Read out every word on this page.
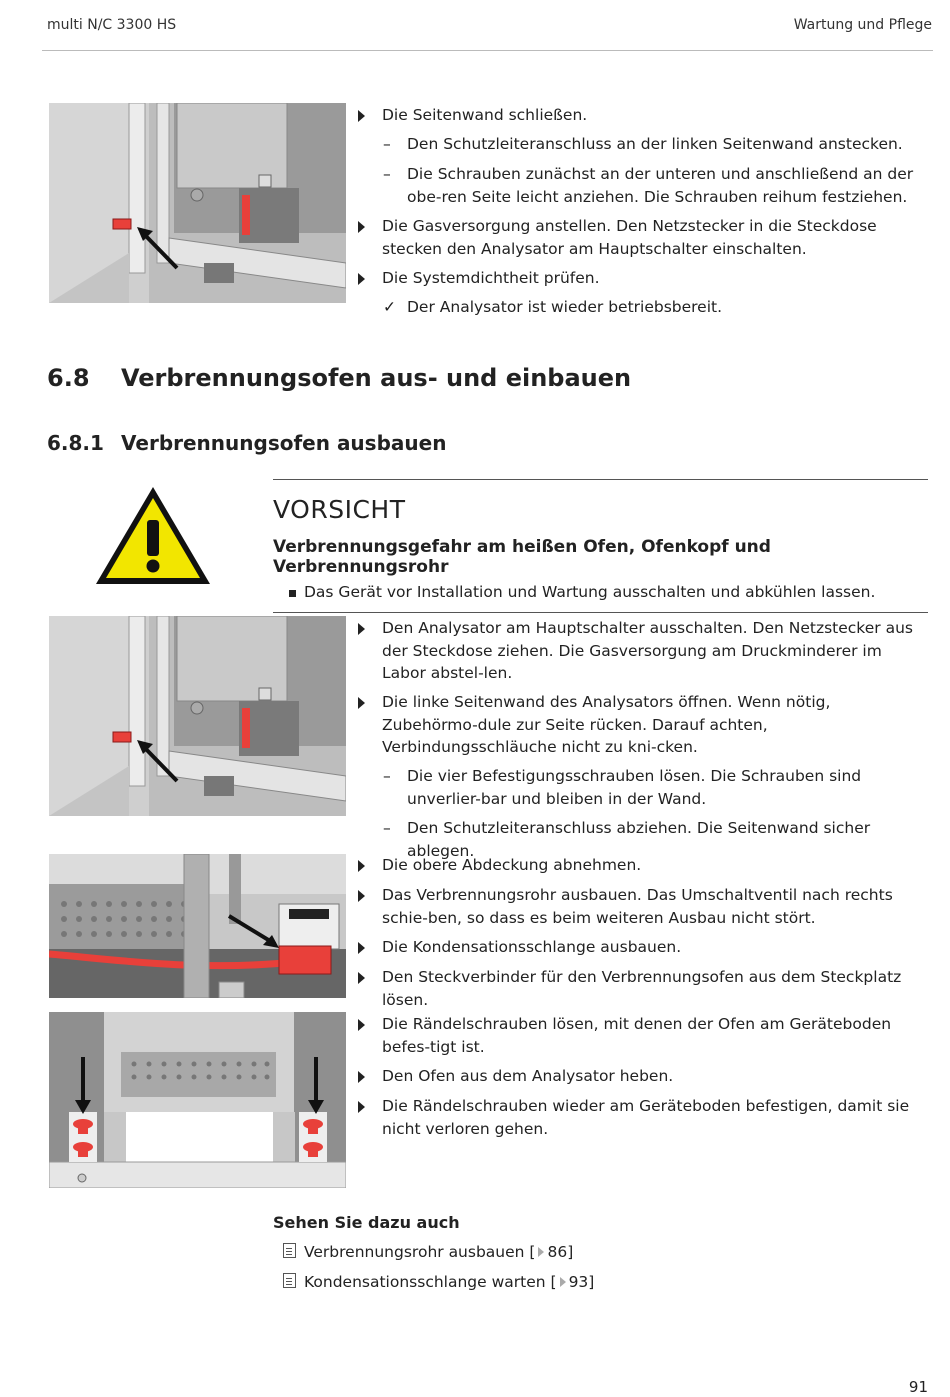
multi N/C 3300 HS	Wartung und Pflege
Die Seitenwand schließen.
– Den Schutzleiteranschluss an der linken Seitenwand anstecken.
– Die Schrauben zunächst an der unteren und anschließend an der obe-ren Seite leicht anziehen. Die Schrauben reihum festziehen.
Die Gasversorgung anstellen. Den Netzstecker in die Steckdose stecken den Analysator am Hauptschalter einschalten.
Die Systemdichtheit prüfen.
✓ Der Analysator ist wieder betriebsbereit.
6.8 Verbrennungsofen aus- und einbauen
6.8.1 Verbrennungsofen ausbauen
VORSICHT
Verbrennungsgefahr am heißen Ofen, Ofenkopf und Verbrennungsrohr
Das Gerät vor Installation und Wartung ausschalten und abkühlen lassen.
Den Analysator am Hauptschalter ausschalten. Den Netzstecker aus der Steckdose ziehen. Die Gasversorgung am Druckminderer im Labor abstel-len.
Die linke Seitenwand des Analysators öffnen. Wenn nötig, Zubehörmo-dule zur Seite rücken. Darauf achten, Verbindungsschläuche nicht zu kni-cken.
– Die vier Befestigungsschrauben lösen. Die Schrauben sind unverlier-bar und bleiben in der Wand.
– Den Schutzleiteranschluss abziehen. Die Seitenwand sicher ablegen.
Die obere Abdeckung abnehmen.
Das Verbrennungsrohr ausbauen. Das Umschaltventil nach rechts schie-ben, so dass es beim weiteren Ausbau nicht stört.
Die Kondensationsschlange ausbauen.
Den Steckverbinder für den Verbrennungsofen aus dem Steckplatz lösen.
Die Rändelschrauben lösen, mit denen der Ofen am Geräteboden befes-tigt ist.
Den Ofen aus dem Analysator heben.
Die Rändelschrauben wieder am Geräteboden befestigen, damit sie nicht verloren gehen.
Sehen Sie dazu auch
Verbrennungsrohr ausbauen [ 86]
Kondensationsschlange warten [ 93]
91
